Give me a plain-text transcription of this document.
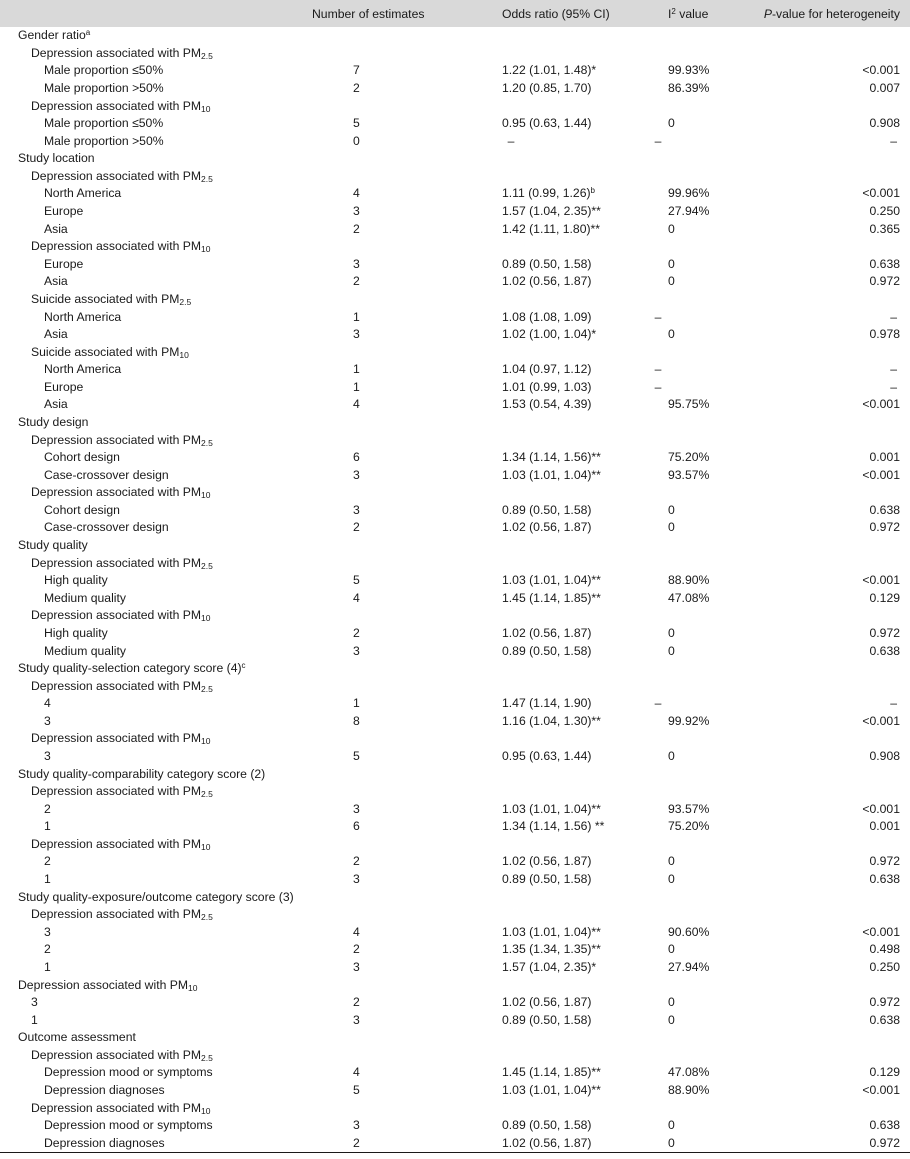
	Number of estimates	Odds ratio (95% CI)	$I^2$ value	P-value for heterogeneity
Gender ratio$^a$				
Depression associated with $PM_{2.5}$				
Male proportion ≤50%	7	1.22 (1.01, 1.48)*	99.93%	<0.001
Male proportion >50%	2	1.20 (0.85, 1.70)	86.39%	0.007
Depression associated with $PM_{10}$				
Male proportion ≤50%	5	0.95 (0.63, 1.44)	0	0.908
Male proportion >50%	0	–	–	–
Study location				
Depression associated with $PM_{2.5}$				
North America	4	1.11 (0.99, 1.26)$^b$	99.96%	<0.001
Europe	3	1.57 (1.04, 2.35)**	27.94%	0.250
Asia	2	1.42 (1.11, 1.80)**	0	0.365
Depression associated with $PM_{10}$				
Europe	3	0.89 (0.50, 1.58)	0	0.638
Asia	2	1.02 (0.56, 1.87)	0	0.972
Suicide associated with $PM_{2.5}$				
North America	1	1.08 (1.08, 1.09)	–	–
Asia	3	1.02 (1.00, 1.04)*	0	0.978
Suicide associated with $PM_{10}$				
North America	1	1.04 (0.97, 1.12)	–	–
Europe	1	1.01 (0.99, 1.03)	–	–
Asia	4	1.53 (0.54, 4.39)	95.75%	<0.001
Study design				
Depression associated with $PM_{2.5}$				
Cohort design	6	1.34 (1.14, 1.56)**	75.20%	0.001
Case-crossover design	3	1.03 (1.01, 1.04)**	93.57%	<0.001
Depression associated with $PM_{10}$				
Cohort design	3	0.89 (0.50, 1.58)	0	0.638
Case-crossover design	2	1.02 (0.56, 1.87)	0	0.972
Study quality				
Depression associated with $PM_{2.5}$				
High quality	5	1.03 (1.01, 1.04)**	88.90%	<0.001
Medium quality	4	1.45 (1.14, 1.85)**	47.08%	0.129
Depression associated with $PM_{10}$				
High quality	2	1.02 (0.56, 1.87)	0	0.972
Medium quality	3	0.89 (0.50, 1.58)	0	0.638
Study quality-selection category score $(4)^c$				
Depression associated with $PM_{2.5}$				
4	1	1.47 (1.14, 1.90)	–	–
3	8	1.16 (1.04, 1.30)**	99.92%	<0.001
Depression associated with $PM_{10}$				
3	5	0.95 (0.63, 1.44)	0	0.908
Study quality-comparability category score (2)				
Depression associated with $PM_{2.5}$				
2	3	1.03 (1.01, 1.04)**	93.57%	<0.001
1	6	1.34 (1.14, 1.56) **	75.20%	0.001
Depression associated with $PM_{10}$				
2	2	1.02 (0.56, 1.87)	0	0.972
1	3	0.89 (0.50, 1.58)	0	0.638
Study quality-exposure/outcome category score (3)				
Depression associated with $PM_{2.5}$				
3	4	1.03 (1.01, 1.04)**	90.60%	<0.001
2	2	1.35 (1.34, 1.35)**	0	0.498
1	3	1.57 (1.04, 2.35)*	27.94%	0.250
Depression associated with $PM_{10}$				
3	2	1.02 (0.56, 1.87)	0	0.972
1	3	0.89 (0.50, 1.58)	0	0.638
Outcome assessment				
Depression associated with $PM_{2.5}$				
Depression mood or symptoms	4	1.45 (1.14, 1.85)**	47.08%	0.129
Depression diagnoses	5	1.03 (1.01, 1.04)**	88.90%	<0.001
Depression associated with $PM_{10}$				
Depression mood or symptoms	3	0.89 (0.50, 1.58)	0	0.638
Depression diagnoses	2	1.02 (0.56, 1.87)	0	0.972
